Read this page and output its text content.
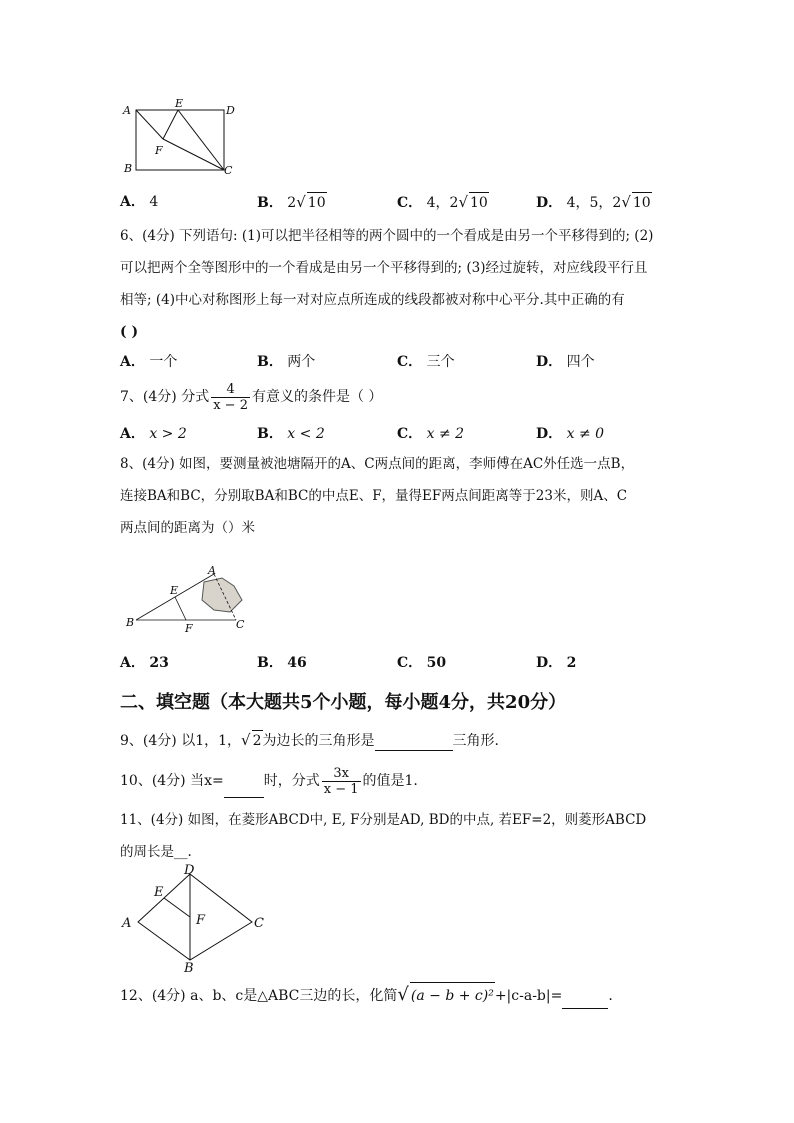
A
E
D
F
B	C
A． 4	B． 2√ 10	C． 4，2√ 10	D． 4，5，2√ 10
6、(4分) 下列语句: (1)可以把半径相等的两个圆中的一个看成是由另一个平移得到的; (2)
可以把两个全等图形中的一个看成是由另一个平移得到的; (3)经过旋转，对应线段平行且
相等; (4)中心对称图形上每一对对应点所连成的线段都被对称中心平分.其中正确的有
( )
A． 一个	B． 两个	C． 三个	D． 四个
7、(4分) 分式 $\frac{4}{x - 2}$ 有意义的条件是（ ）
A． x > 2	B． x < 2	C． x ≠ 2	D． x ≠ 0
8、(4分) 如图，要测量被池塘隔开的A、C两点间的距离，李师傅在AC外任选一点B，
连接BA和BC，分别取BA和BC的中点E、F，量得EF两点间距离等于23米，则A、C
两点间的距离为（）米
A
E
B	F	C
A． 23	B． 46	C． 50	D． 2
二、填空题（本大题共5个小题，每小题4分，共20分）
9、(4分) 以1，1，√ 2为边长的三角形是	三角形.
10、(4分) 当x=	时，分式 $\frac{3x}{x - 1}$ 的值是1.
11、(4分) 如图，在菱形ABCD中, E, F分别是AD, BD的中点, 若EF=2，则菱形ABCD
的周长是__.
D
E
A	F	C
B
12、(4分) a、b、c是△ABC三边的长，化简√ (a − b + c)²+|c-a-b|=	.
